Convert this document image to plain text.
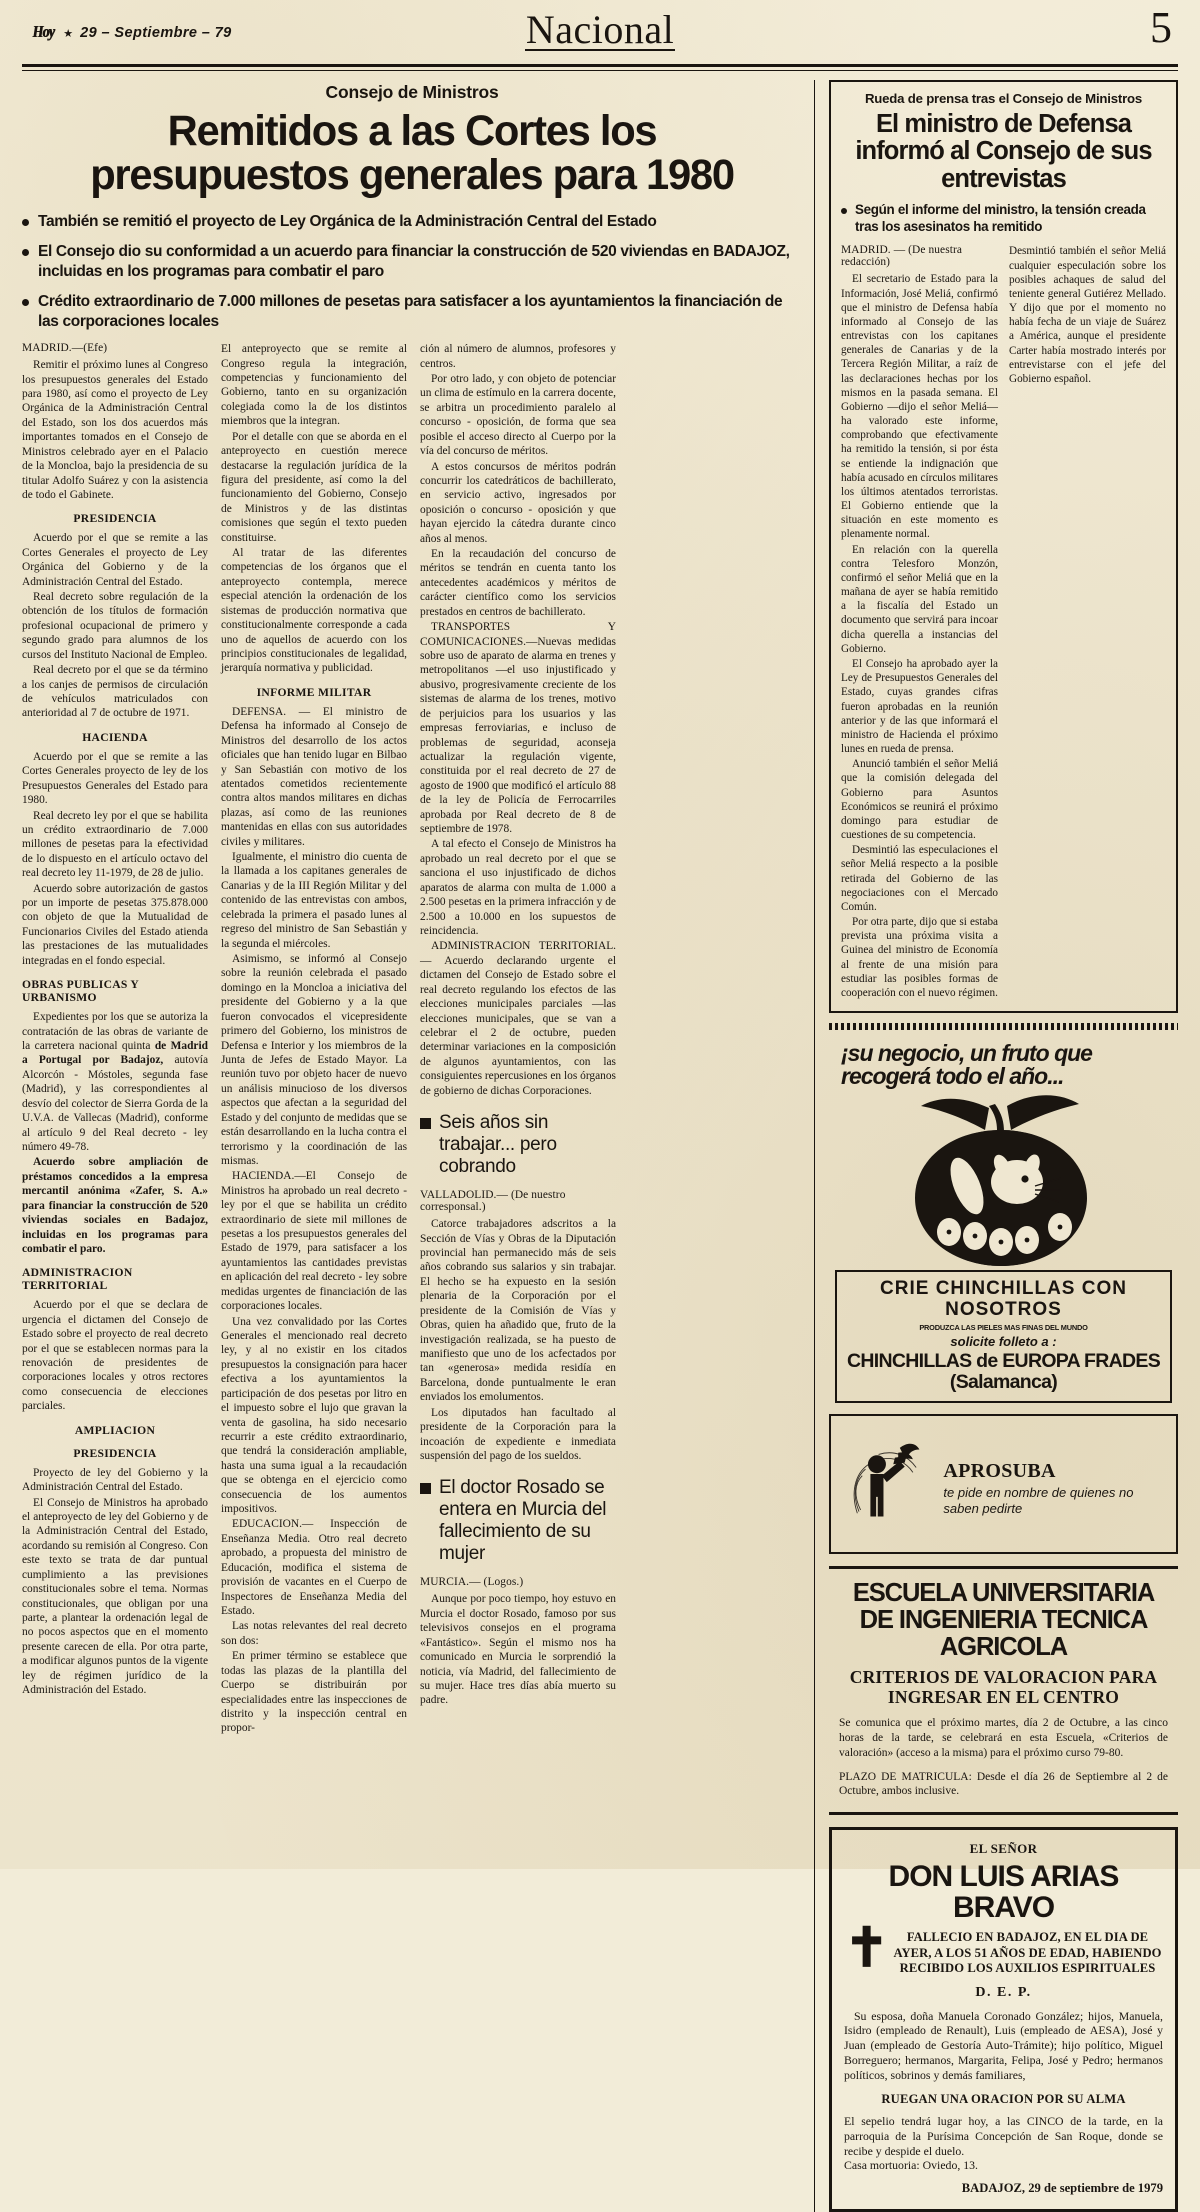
Hoy ★ 29 – Septiembre – 79	Nacional	5
Consejo de Ministros
Remitidos a las Cortes los presupuestos generales para 1980
También se remitió el proyecto de Ley Orgánica de la Administración Central del Estado
El Consejo dio su conformidad a un acuerdo para financiar la construcción de 520 viviendas en BADAJOZ, incluidas en los programas para combatir el paro
Crédito extraordinario de 7.000 millones de pesetas para satisfacer a los ayuntamientos la financiación de las corporaciones locales
MADRID.—(Efe)

Remitir el próximo lunes al Congreso los presupuestos generales del Estado para 1980, así como el proyecto de Ley Orgánica de la Administración Central del Estado, son los dos acuerdos más importantes tomados en el Consejo de Ministros celebrado ayer en el Palacio de la Moncloa, bajo la presidencia de su titular Adolfo Suárez y con la asistencia de todo el Gabinete.

PRESIDENCIA

Acuerdo por el que se remite a las Cortes Generales el proyecto de Ley Orgánica del Gobierno y de la Administración Central del Estado.

Real decreto sobre regulación de la obtención de los títulos de formación profesional ocupacional de primero y segundo grado para alumnos de los cursos del Instituto Nacional de Empleo.

Real decreto por el que se da término a los canjes de permisos de circulación de vehículos matriculados con anterioridad al 7 de octubre de 1971.

HACIENDA

Acuerdo por el que se remite a las Cortes Generales proyecto de ley de los Presupuestos Generales del Estado para 1980.

Real decreto ley por el que se habilita un crédito extraordinario de 7.000 millones de pesetas para la efectividad de lo dispuesto en el artículo octavo del real decreto ley 11-1979, de 28 de julio.

Acuerdo sobre autorización de gastos por un importe de pesetas 375.878.000 con objeto de que la Mutualidad de Funcionarios Civiles del Estado atienda las prestaciones de las mutualidades integradas en el fondo especial.

OBRAS PUBLICAS Y URBANISMO

Expedientes por los que se autoriza la contratación de las obras de variante de la carretera nacional quinta de Madrid a Portugal por Badajoz, autovía Alcorcón - Móstoles, segunda fase (Madrid), y las correspondientes al desvío del colector de Sierra Gorda de la U.V.A. de Vallecas (Madrid), conforme al artículo 9 del Real decreto - ley número 49-78.

Acuerdo sobre ampliación de préstamos concedidos a la empresa mercantil anónima «Zafer, S. A.» para financiar la construcción de 520 viviendas sociales en Badajoz, incluidas en los programas para combatir el paro.

ADMINISTRACION TERRITORIAL

Acuerdo por el que se declara de urgencia el dictamen del Consejo de Estado sobre el proyecto de real decreto por el que se establecen normas para la renovación de presidentes de corporaciones locales y otros rectores como consecuencia de elecciones parciales.

AMPLIACION
PRESIDENCIA

Proyecto de ley del Gobierno y la Administración Central del Estado.

El Consejo de Ministros ha aprobado el anteproyecto de ley del Gobierno y de la Administración Central del Estado, acordando su remisión al Congreso. Con este texto se trata de dar puntual cumplimiento a las previsiones constitucionales sobre el tema. Normas constitucionales, que obligan por una parte, a plantear la ordenación legal de no pocos aspectos que en el momento presente carecen de ella. Por otra parte, a modificar algunos puntos de la vigente ley de régimen jurídico de la Administración del Estado.

El anteproyecto que se remite al Congreso regula la integración, competencias y funcionamiento del Gobierno, tanto en su organización colegiada como la de los distintos miembros que la integran.

Por el detalle con que se aborda en el anteproyecto en cuestión merece destacarse la regulación jurídica de la figura del presidente, así como la del funcionamiento del Gobierno, Consejo de Ministros y de las distintas comisiones que según el texto pueden constituirse.

Al tratar de las diferentes competencias de los órganos que el anteproyecto contempla, merece especial atención la ordenación de los sistemas de producción normativa que constitucionalmente corresponde a cada uno de aquellos de acuerdo con los principios constitucionales de legalidad, jerarquía normativa y publicidad.

INFORME MILITAR

DEFENSA. — El ministro de Defensa ha informado al Consejo de Ministros del desarrollo de los actos oficiales que han tenido lugar en Bilbao y San Sebastián con motivo de los atentados cometidos recientemente contra altos mandos militares en dichas plazas, así como de las reuniones mantenidas en ellas con sus autoridades civiles y militares.

Igualmente, el ministro dio cuenta de la llamada a los capitanes generales de Canarias y de la III Región Militar y del contenido de las entrevistas con ambos, celebrada la primera el pasado lunes al regreso del ministro de San Sebastián y la segunda el miércoles.

Asimismo, se informó al Consejo sobre la reunión celebrada el pasado domingo en la Moncloa a iniciativa del presidente del Gobierno y a la que fueron convocados el vicepresidente primero del Gobierno, los ministros de Defensa e Interior y los miembros de la Junta de Jefes de Estado Mayor. La reunión tuvo por objeto hacer de nuevo un análisis minucioso de los diversos aspectos que afectan a la seguridad del Estado y del conjunto de medidas que se están desarrollando en la lucha contra el terrorismo y la coordinación de las mismas.

HACIENDA.—El Consejo de Ministros ha aprobado un real decreto - ley por el que se habilita un crédito extraordinario de siete mil millones de pesetas a los presupuestos generales del Estado de 1979, para satisfacer a los ayuntamientos las cantidades previstas en aplicación del real decreto - ley sobre medidas urgentes de financiación de las corporaciones locales.

Una vez convalidado por las Cortes Generales el mencionado real decreto ley, y al no existir en los citados presupuestos la consignación para hacer efectiva a los ayuntamientos la participación de dos pesetas por litro en el impuesto sobre el lujo que gravan la venta de gasolina, ha sido necesario recurrir a este crédito extraordinario, que tendrá la consideración ampliable, hasta una suma igual a la recaudación que se obtenga en el ejercicio como consecuencia de los aumentos impositivos.

EDUCACION.— Inspección de Enseñanza Media. Otro real decreto aprobado, a propuesta del ministro de Educación, modifica el sistema de provisión de vacantes en el Cuerpo de Inspectores de Enseñanza Media del Estado.

Las notas relevantes del real decreto son dos:

En primer término se establece que todas las plazas de la plantilla del Cuerpo se distribuirán por especialidades entre las inspecciones de distrito y la inspección central en propor-

ción al número de alumnos, profesores y centros.

Por otro lado, y con objeto de potenciar un clima de estímulo en la carrera docente, se arbitra un procedimiento paralelo al concurso - oposición, de forma que sea posible el acceso directo al Cuerpo por la vía del concurso de méritos.

A estos concursos de méritos podrán concurrir los catedráticos de bachillerato, en servicio activo, ingresados por oposición o concurso - oposición y que hayan ejercido la cátedra durante cinco años al menos.

En la recaudación del concurso de méritos se tendrán en cuenta tanto los antecedentes académicos y méritos de carácter científico como los servicios prestados en centros de bachillerato.

TRANSPORTES Y COMUNICACIONES.—Nuevas medidas sobre uso de aparato de alarma en trenes y metropolitanos —el uso injustificado y abusivo, progresivamente creciente de los sistemas de alarma de los trenes, motivo de perjuicios para los usuarios y las empresas ferroviarias, e incluso de problemas de seguridad, aconseja actualizar la regulación vigente, constituida por el real decreto de 27 de agosto de 1900 que modificó el artículo 88 de la ley de Policía de Ferrocarriles aprobada por Real decreto de 8 de septiembre de 1978.

A tal efecto el Consejo de Ministros ha aprobado un real decreto por el que se sanciona el uso injustificado de dichos aparatos de alarma con multa de 1.000 a 2.500 pesetas en la primera infracción y de 2.500 a 10.000 en los supuestos de reincidencia.

ADMINISTRACION TERRITORIAL.— Acuerdo declarando urgente el dictamen del Consejo de Estado sobre el real decreto regulando los efectos de las elecciones municipales parciales —las elecciones municipales, que se van a celebrar el 2 de octubre, pueden determinar variaciones en la composición de algunos ayuntamientos, con las consiguientes repercusiones en los órganos de gobierno de dichas Corporaciones.

Seis años sin trabajar... pero cobrando
VALLADOLID.— (De nuestro corresponsal.)

Catorce trabajadores adscritos a la Sección de Vías y Obras de la Diputación provincial han permanecido más de seis años cobrando sus salarios y sin trabajar. El hecho se ha expuesto en la sesión plenaria de la Corporación por el presidente de la Comisión de Vías y Obras, quien ha añadido que, fruto de la investigación realizada, se ha puesto de manifiesto que uno de los acfectados por tan «generosa» medida residía en Barcelona, donde puntualmente le eran enviados los emolumentos.

Los diputados han facultado al presidente de la Corporación para la incoación de expediente e inmediata suspensión del pago de los sueldos.

El doctor Rosado se entera en Murcia del fallecimiento de su mujer
MURCIA.— (Logos.)

Aunque por poco tiempo, hoy estuvo en Murcia el doctor Rosado, famoso por sus televisivos consejos en el programa «Fantástico». Según el mismo nos ha comunicado en Murcia le sorprendió la noticia, vía Madrid, del fallecimiento de su mujer. Hace tres días abía muerto su padre.

Rueda de prensa tras el Consejo de Ministros
El ministro de Defensa informó al Consejo de sus entrevistas
Según el informe del ministro, la tensión creada tras los asesinatos ha remitido
MADRID. — (De nuestra redacción)

El secretario de Estado para la Información, José Meliá, confirmó que el ministro de Defensa había informado al Consejo de las entrevistas con los capitanes generales de Canarias y de la Tercera Región Militar, a raíz de las declaraciones hechas por los mismos en la pasada semana. El Gobierno —dijo el señor Meliá— ha valorado este informe, comprobando que efectivamente ha remitido la tensión, si por ésta se entiende la indignación que había acusado en círculos militares los últimos atentados terroristas. El Gobierno entiende que la situación en este momento es plenamente normal.

En relación con la querella contra Telesforo Monzón, confirmó el señor Meliá que en la mañana de ayer se había remitido a la fiscalía del Estado un documento que servirá para incoar dicha querella a instancias del Gobierno.

El Consejo ha aprobado ayer la Ley de Presupuestos Generales del Estado, cuyas grandes cifras fueron aprobadas en la reunión anterior y de las que informará el ministro de Hacienda el próximo lunes en rueda de prensa.

Anunció también el señor Meliá que la comisión delegada del Gobierno para Asuntos Económicos se reunirá el próximo domingo para estudiar de cuestiones de su competencia.

Desmintió las especulaciones el señor Meliá respecto a la posible retirada del Gobierno de las negociaciones con el Mercado Común.

Por otra parte, dijo que si estaba prevista una próxima visita a Guinea del ministro de Economía al frente de una misión para estudiar las posibles formas de cooperación con el nuevo régimen.

Desmintió también el señor Meliá cualquier especulación sobre los posibles achaques de salud del teniente general Gutiérez Mellado. Y dijo que por el momento no había fecha de un viaje de Suárez a América, aunque el presidente Carter había mostrado interés por entrevistarse con el jefe del Gobierno español.

¡su negocio, un fruto que recogerá todo el año...
CRIE CHINCHILLAS CON NOSOTROS
PRODUZCA LAS PIELES MAS FINAS DEL MUNDO
solicite folleto a :
CHINCHILLAS de EUROPA FRADES (Salamanca)
APROSUBA
te pide en nombre de quienes no saben pedirte
ESCUELA UNIVERSITARIA DE INGENIERIA TECNICA AGRICOLA
CRITERIOS DE VALORACION PARA INGRESAR EN EL CENTRO
Se comunica que el próximo martes, día 2 de Octubre, a las cinco horas de la tarde, se celebrará en esta Escuela, «Criterios de valoración» (acceso a la misma) para el próximo curso 79-80.
PLAZO DE MATRICULA: Desde el día 26 de Septiembre al 2 de Octubre, ambos inclusive.
EL SEÑOR
DON LUIS ARIAS BRAVO
✝	FALLECIO EN BADAJOZ, EN EL DIA DE AYER, A LOS 51 AÑOS DE EDAD, HABIENDO RECIBIDO LOS AUXILIOS ESPIRITUALES
D. E. P.
Su esposa, doña Manuela Coronado González; hijos, Manuela, Isidro (empleado de Renault), Luis (empleado de AESA), José y Juan (empleado de Gestoría Auto-Trámite); hijo político, Miguel Borreguero; hermanos, Margarita, Felipa, José y Pedro; hermanos políticos, sobrinos y demás familiares,
RUEGAN UNA ORACION POR SU ALMA
El sepelio tendrá lugar hoy, a las CINCO de la tarde, en la parroquia de la Purísima Concepción de San Roque, donde se recibe y despide el duelo.
Casa mortuoria: Oviedo, 13.
BADAJOZ, 29 de septiembre de 1979
